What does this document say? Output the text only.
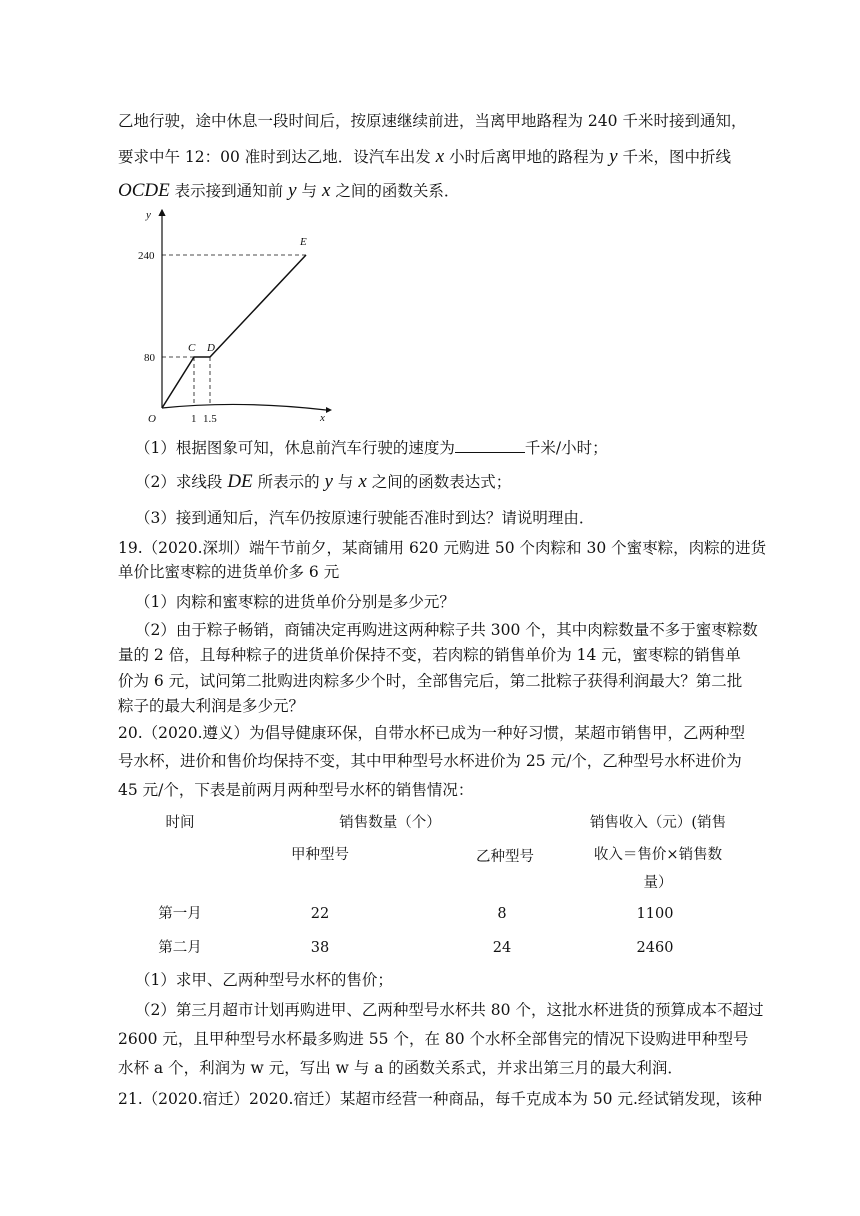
乙地行驶，途中休息一段时间后，按原速继续前进，当离甲地路程为 240 千米时接到通知，
要求中午 12：00 准时到达乙地．设汽车出发 x 小时后离甲地的路程为 y 千米，图中折线
OCDE 表示接到通知前 y 与 x 之间的函数关系．
y
x
O
240
80
1 1.5
C D
E
（1）根据图象可知，休息前汽车行驶的速度为	千米/小时；
（2）求线段 DE 所表示的 y 与 x 之间的函数表达式；
（3）接到通知后，汽车仍按原速行驶能否准时到达？请说明理由．
19.（2020.深圳）端午节前夕，某商铺用 620 元购进 50 个肉粽和 30 个蜜枣粽，肉粽的进货
单价比蜜枣粽的进货单价多 6 元
（1）肉粽和蜜枣粽的进货单价分别是多少元？
（2）由于粽子畅销，商铺决定再购进这两种粽子共 300 个，其中肉粽数量不多于蜜枣粽数
量的 2 倍，且每种粽子的进货单价保持不变，若肉粽的销售单价为 14 元，蜜枣粽的销售单
价为 6 元，试问第二批购进肉粽多少个时，全部售完后，第二批粽子获得利润最大？第二批
粽子的最大利润是多少元？
20.（2020.遵义）为倡导健康环保，自带水杯已成为一种好习惯，某超市销售甲，乙两种型
号水杯，进价和售价均保持不变，其中甲种型号水杯进价为 25 元/个，乙种型号水杯进价为
45 元/个，下表是前两月两种型号水杯的销售情况：
时间	销售数量（个）	销售收入（元）(销售
甲种型号	乙种型号	收入＝售价×销售数
量）
第一月	22	8	1100
第二月	38	24	2460
（1）求甲、乙两种型号水杯的售价；
（2）第三月超市计划再购进甲、乙两种型号水杯共 80 个，这批水杯进货的预算成本不超过
2600 元，且甲种型号水杯最多购进 55 个，在 80 个水杯全部售完的情况下设购进甲种型号
水杯 a 个，利润为 w 元，写出 w 与 a 的函数关系式，并求出第三月的最大利润．
21.（2020.宿迁）2020.宿迁）某超市经营一种商品，每千克成本为 50 元.经试销发现，该种
